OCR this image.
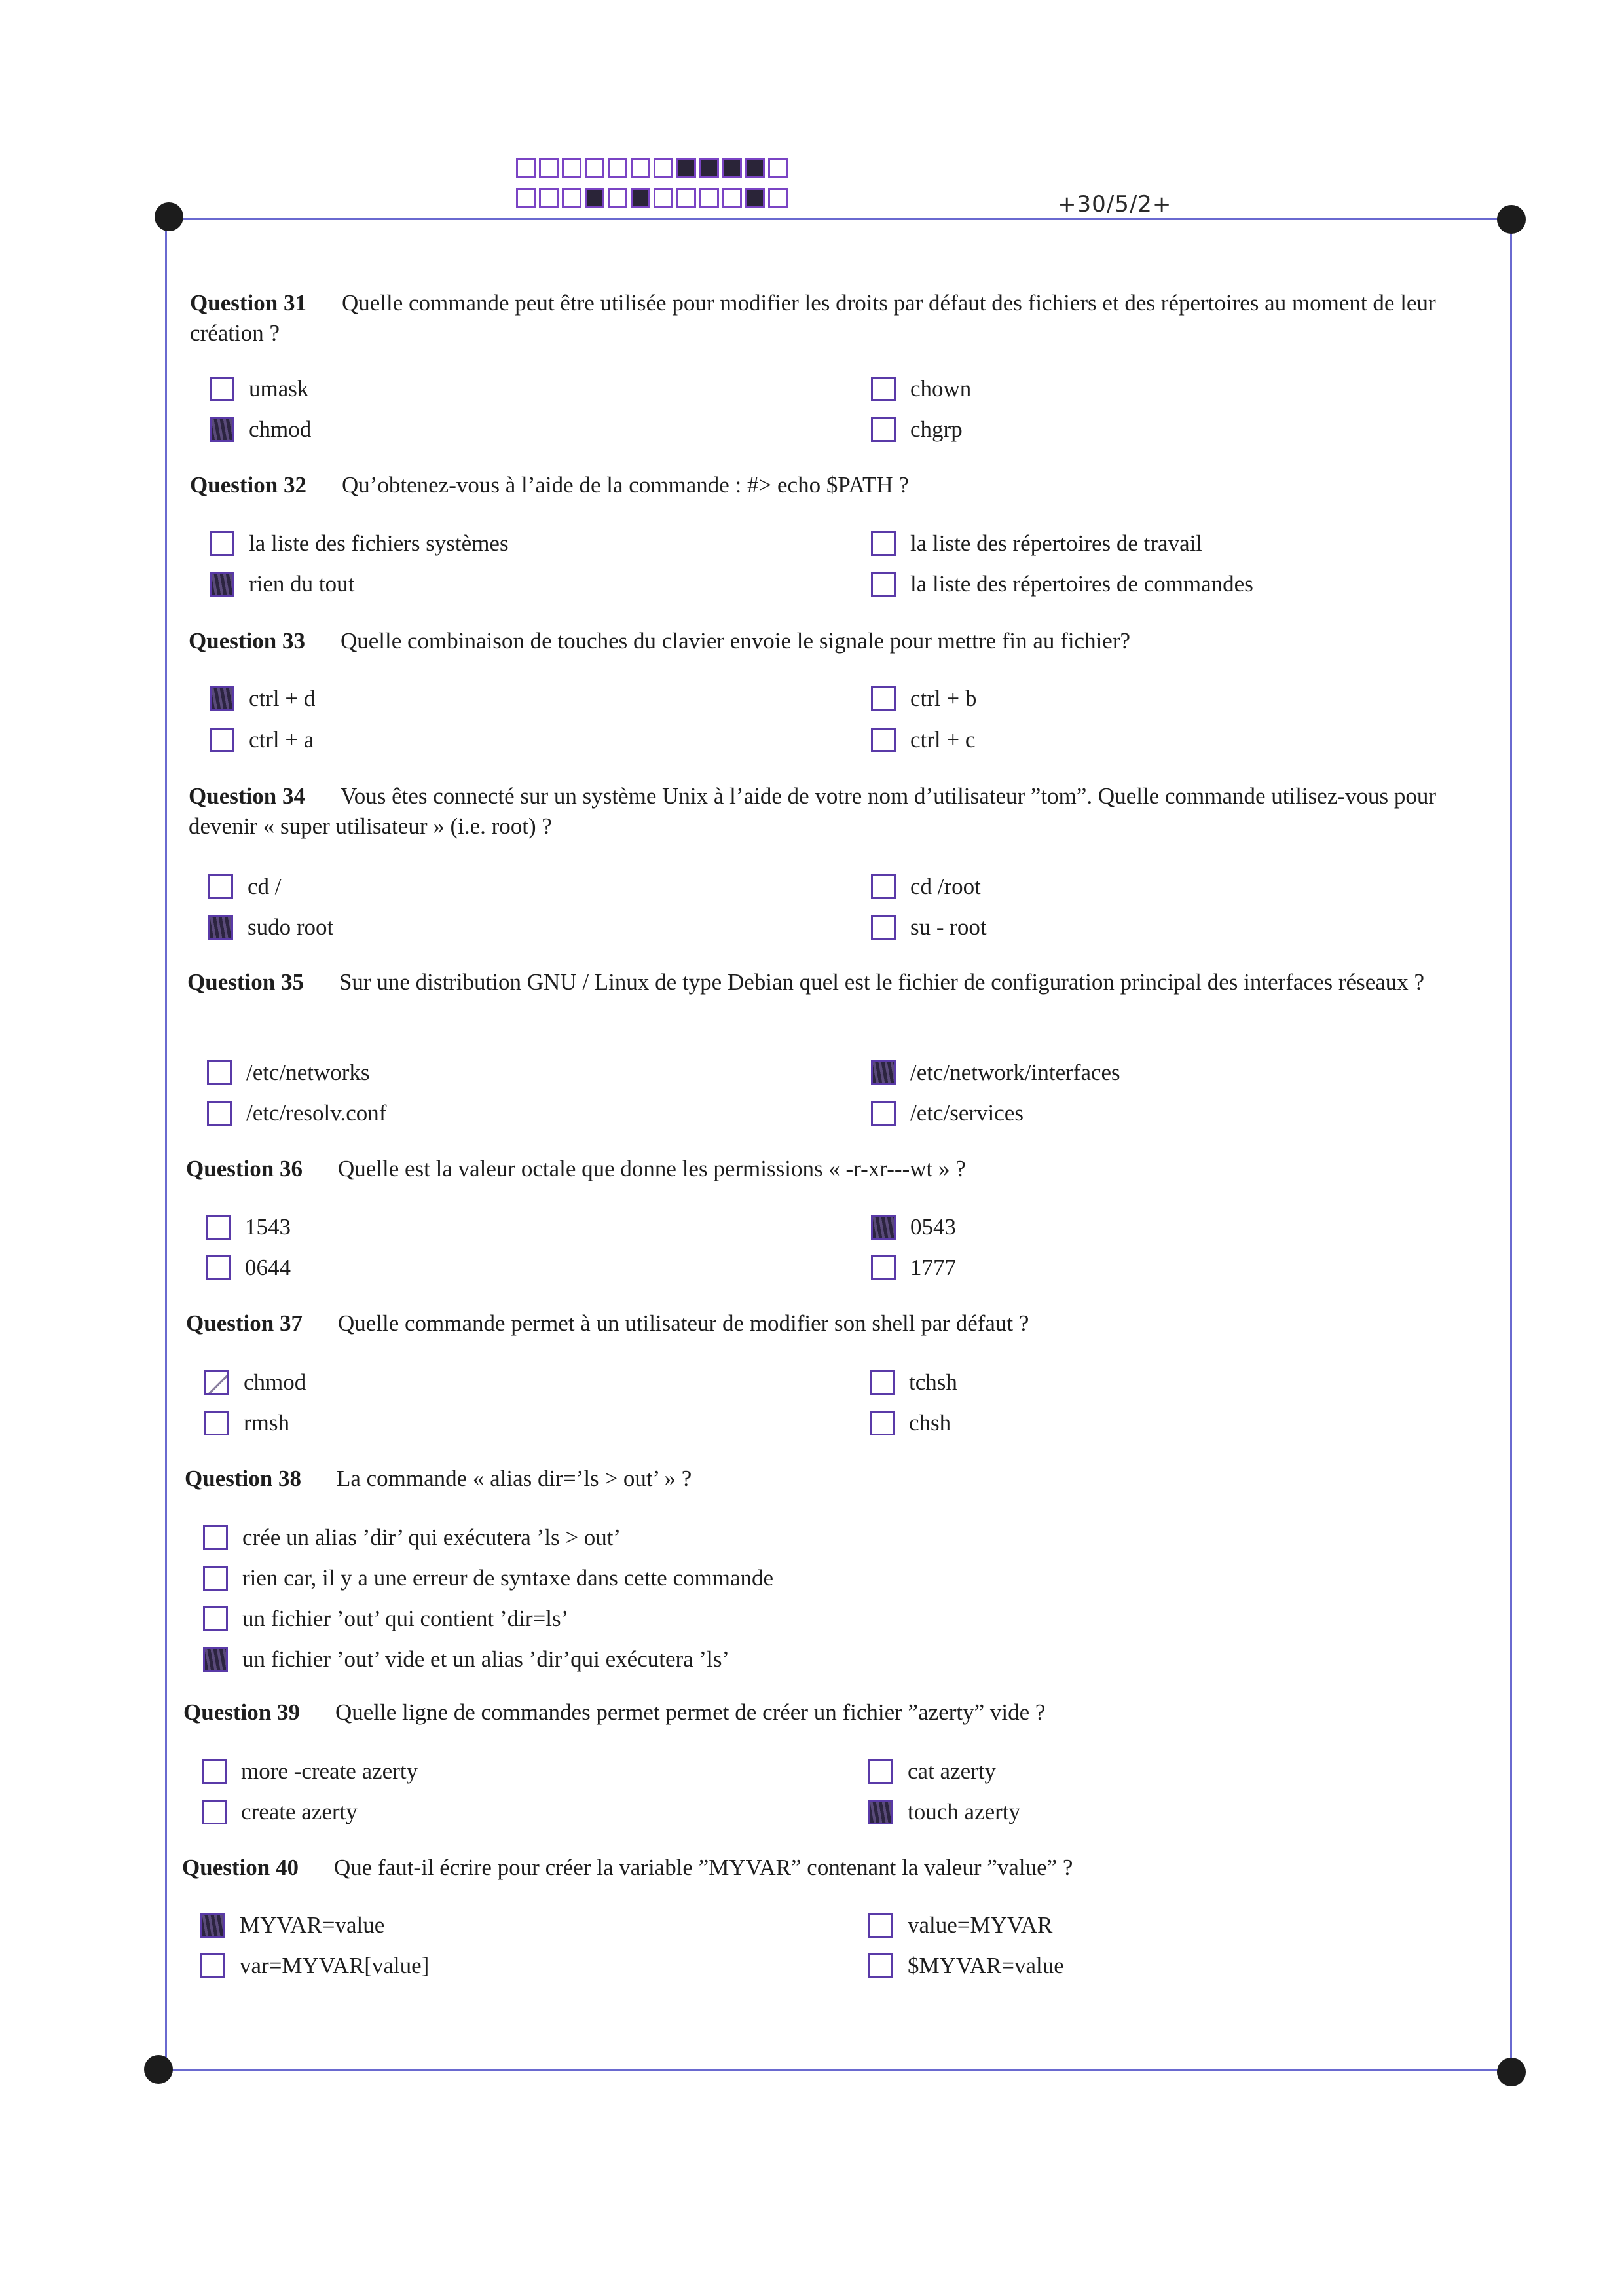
+30/5/2+
Question 31 Quelle commande peut être utilisée pour modifier les droits par défaut des fichiers et des répertoires au moment de leur création ?
umask
chmod
chown
chgrp
Question 32 Qu’obtenez-vous à l’aide de la commande : #> echo $PATH ?
la liste des fichiers systèmes
rien du tout
la liste des répertoires de travail
la liste des répertoires de commandes
Question 33 Quelle combinaison de touches du clavier envoie le signale pour mettre fin au fichier?
ctrl + d
ctrl + a
ctrl + b
ctrl + c
Question 34 Vous êtes connecté sur un système Unix à l’aide de votre nom d’utilisateur ”tom”. Quelle commande utilisez-vous pour devenir « super utilisateur » (i.e. root) ?
cd /
sudo root
cd /root
su - root
Question 35 Sur une distribution GNU / Linux de type Debian quel est le fichier de configuration principal des interfaces réseaux ?
/etc/networks
/etc/resolv.conf
/etc/network/interfaces
/etc/services
Question 36 Quelle est la valeur octale que donne les permissions « -r-xr---wt » ?
1543
0644
0543
1777
Question 37 Quelle commande permet à un utilisateur de modifier son shell par défaut ?
chmod
rmsh
tchsh
chsh
Question 38 La commande « alias dir=’ls > out’ » ?
crée un alias ’dir’ qui exécutera ’ls > out’
rien car, il y a une erreur de syntaxe dans cette commande
un fichier ’out’ qui contient ’dir=ls’
un fichier ’out’ vide et un alias ’dir’qui exécutera ’ls’
Question 39 Quelle ligne de commandes permet permet de créer un fichier ”azerty” vide ?
more -create azerty
create azerty
cat azerty
touch azerty
Question 40 Que faut-il écrire pour créer la variable ”MYVAR” contenant la valeur ”value” ?
MYVAR=value
var=MYVAR[value]
value=MYVAR
$MYVAR=value
